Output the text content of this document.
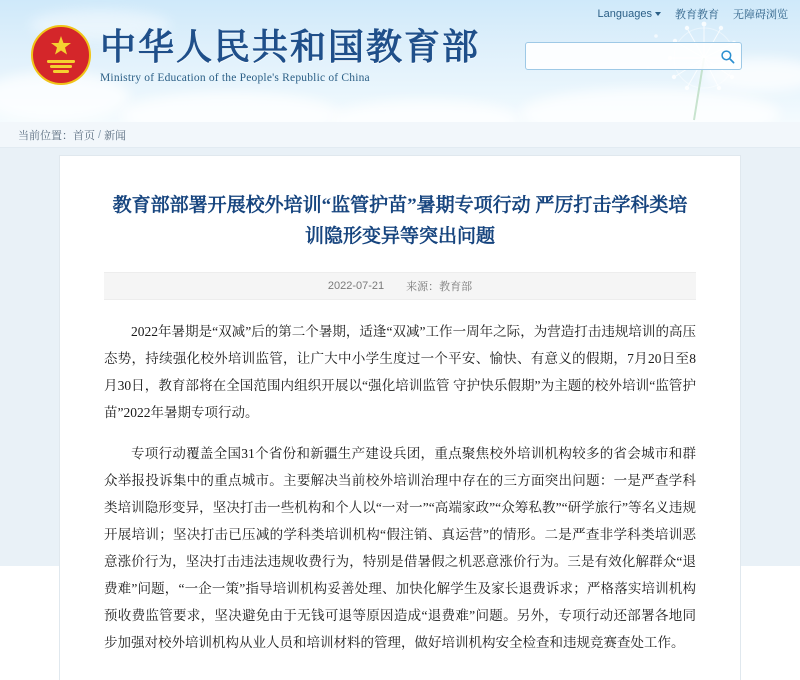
Languages	教育教育 无障碍浏览
中华人民共和国教育部
Ministry of Education of the People's Republic of China
当前位置： 首页 / 新闻
教育部部署开展校外培训“监管护苗”暑期专项行动 严厉打击学科类培训隐形变异等突出问题
2022-07-21 来源：教育部

2022年暑期是“双减”后的第二个暑期，适逢“双减”工作一周年之际，为营造打击违规培训的高压态势，持续强化校外培训监管，让广大中小学生度过一个平安、愉快、有意义的假期，7月20日至8月30日，教育部将在全国范围内组织开展以“强化培训监管 守护快乐假期”为主题的校外培训“监管护苗”2022年暑期专项行动。

专项行动覆盖全国31个省份和新疆生产建设兵团，重点聚焦校外培训机构较多的省会城市和群众举报投诉集中的重点城市。主要解决当前校外培训治理中存在的三方面突出问题：一是严查学科类培训隐形变异，坚决打击一些机构和个人以“一对一”“高端家政”“众筹私教”“研学旅行”等名义违规开展培训；坚决打击已压减的学科类培训机构“假注销、真运营”的情形。二是严查非学科类培训恶意涨价行为，坚决打击违法违规收费行为，特别是借暑假之机恶意涨价行为。三是有效化解群众“退费难”问题，“一企一策”指导培训机构妥善处理、加快化解学生及家长退费诉求；严格落实培训机构预收费监管要求，坚决避免由于无钱可退等原因造成“退费难”问题。另外，专项行动还部署各地同步加强对校外培训机构从业人员和培训材料的管理，做好培训机构安全检查和违规竞赛查处工作。
